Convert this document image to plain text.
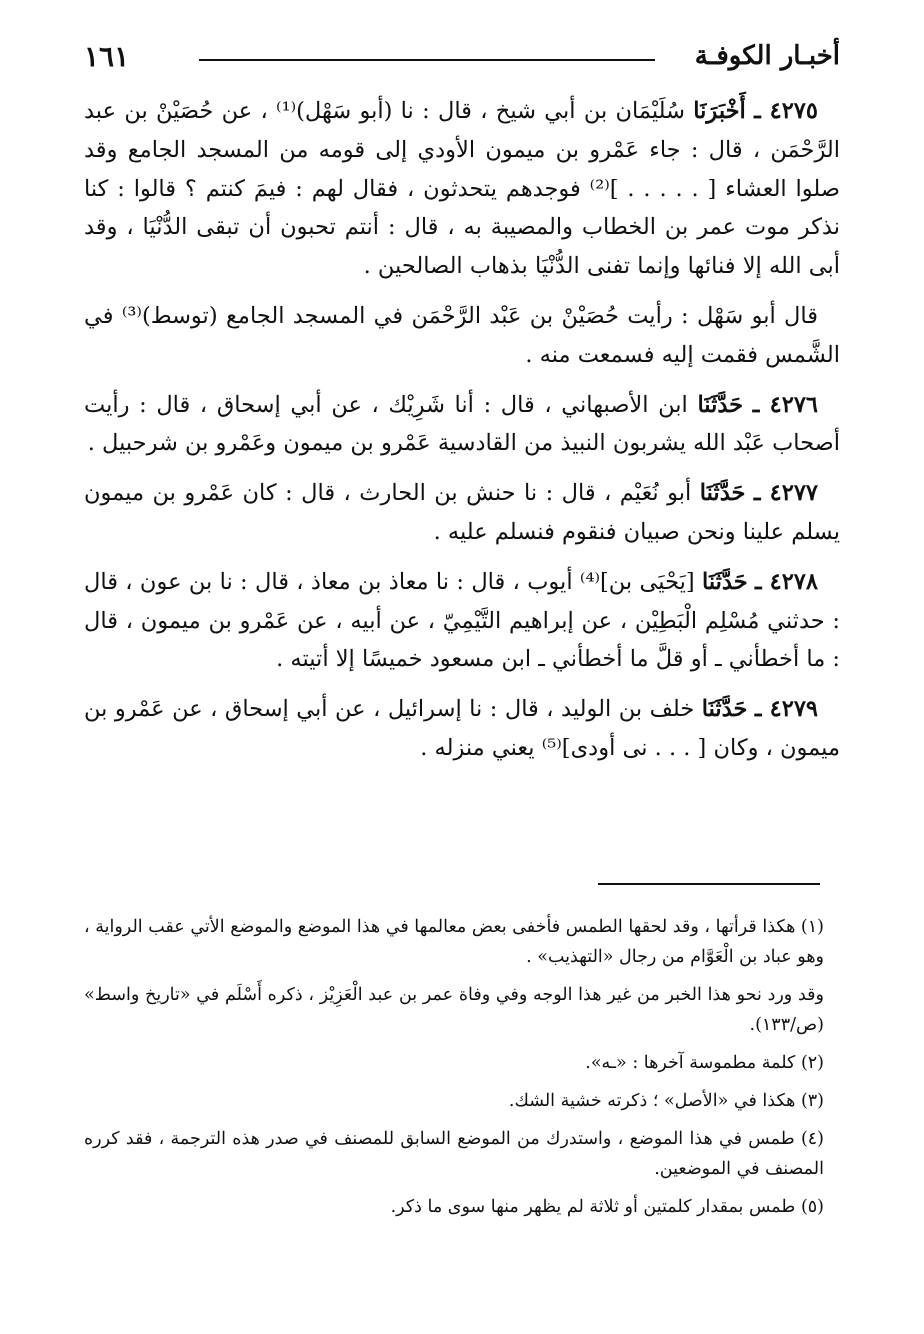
أخبـار الكوفـة
١٦١

٤٢٧٥ ـ أَخْبَرَنَا سُلَيْمَان بن أبي شيخ ، قال : نا (أبو سَهْل)⁽¹⁾ ، عن حُصَيْنْ بن عبد الرَّحْمَن ، قال : جاء عَمْرو بن ميمون الأودي إلى قومه من المسجد الجامع وقد صلوا العشاء [ . . . . . ]⁽²⁾ فوجدهم يتحدثون ، فقال لهم : فيمَ كنتم ؟ قالوا : كنا نذكر موت عمر بن الخطاب والمصيبة به ، قال : أنتم تحبون أن تبقى الدُّنْيَا ، وقد أبى الله إلا فنائها وإنما تفنى الدُّنْيَا بذهاب الصالحين .

قال أبو سَهْل : رأيت حُصَيْنْ بن عَبْد الرَّحْمَن في المسجد الجامع (توسط)⁽³⁾ في الشَّمس فقمت إليه فسمعت منه .

٤٢٧٦ ـ حَدَّثَنَا ابن الأصبهاني ، قال : أنا شَرِيْك ، عن أبي إسحاق ، قال : رأيت أصحاب عَبْد الله يشربون النبيذ من القادسية عَمْرو بن ميمون وعَمْرو بن شرحبيل .

٤٢٧٧ ـ حَدَّثَنَا أبو نُعَيْم ، قال : نا حنش بن الحارث ، قال : كان عَمْرو بن ميمون يسلم علينا ونحن صبيان فنقوم فنسلم عليه .

٤٢٧٨ ـ حَدَّثَنَا [يَحْيَى بن]⁽⁴⁾ أيوب ، قال : نا معاذ بن معاذ ، قال : نا بن عون ، قال : حدثني مُسْلِم الْبَطِيْن ، عن إبراهيم التَّيْمِيّ ، عن أبيه ، عن عَمْرو بن ميمون ، قال : ما أخطأني ـ أو قلَّ ما أخطأني ـ ابن مسعود خميسًا إلا أتيته .

٤٢٧٩ ـ حَدَّثَنَا خلف بن الوليد ، قال : نا إسرائيل ، عن أبي إسحاق ، عن عَمْرو بن ميمون ، وكان [ . . . نى أودى]⁽⁵⁾ يعني منزله .

(١) هكذا قرأتها ، وقد لحقها الطمس فأخفى بعض معالمها في هذا الموضع والموضع الأتي عقب الرواية ، وهو عباد بن الْعَوَّام من رجال «التهذيب» .

وقد ورد نحو هذا الخبر من غير هذا الوجه وفي وفاة عمر بن عبد الْعَزِيْز ، ذكره أَسْلَم في «تاريخ واسط» (ص/١٣٣).

(٢) كلمة مطموسة آخرها : «ـه».

(٣) هكذا في «الأصل» ؛ ذكرته خشية الشك.

(٤) طمس في هذا الموضع ، واستدرك من الموضع السابق للمصنف في صدر هذه الترجمة ، فقد كرره المصنف في الموضعين.

(٥) طمس بمقدار كلمتين أو ثلاثة لم يظهر منها سوى ما ذكر.
